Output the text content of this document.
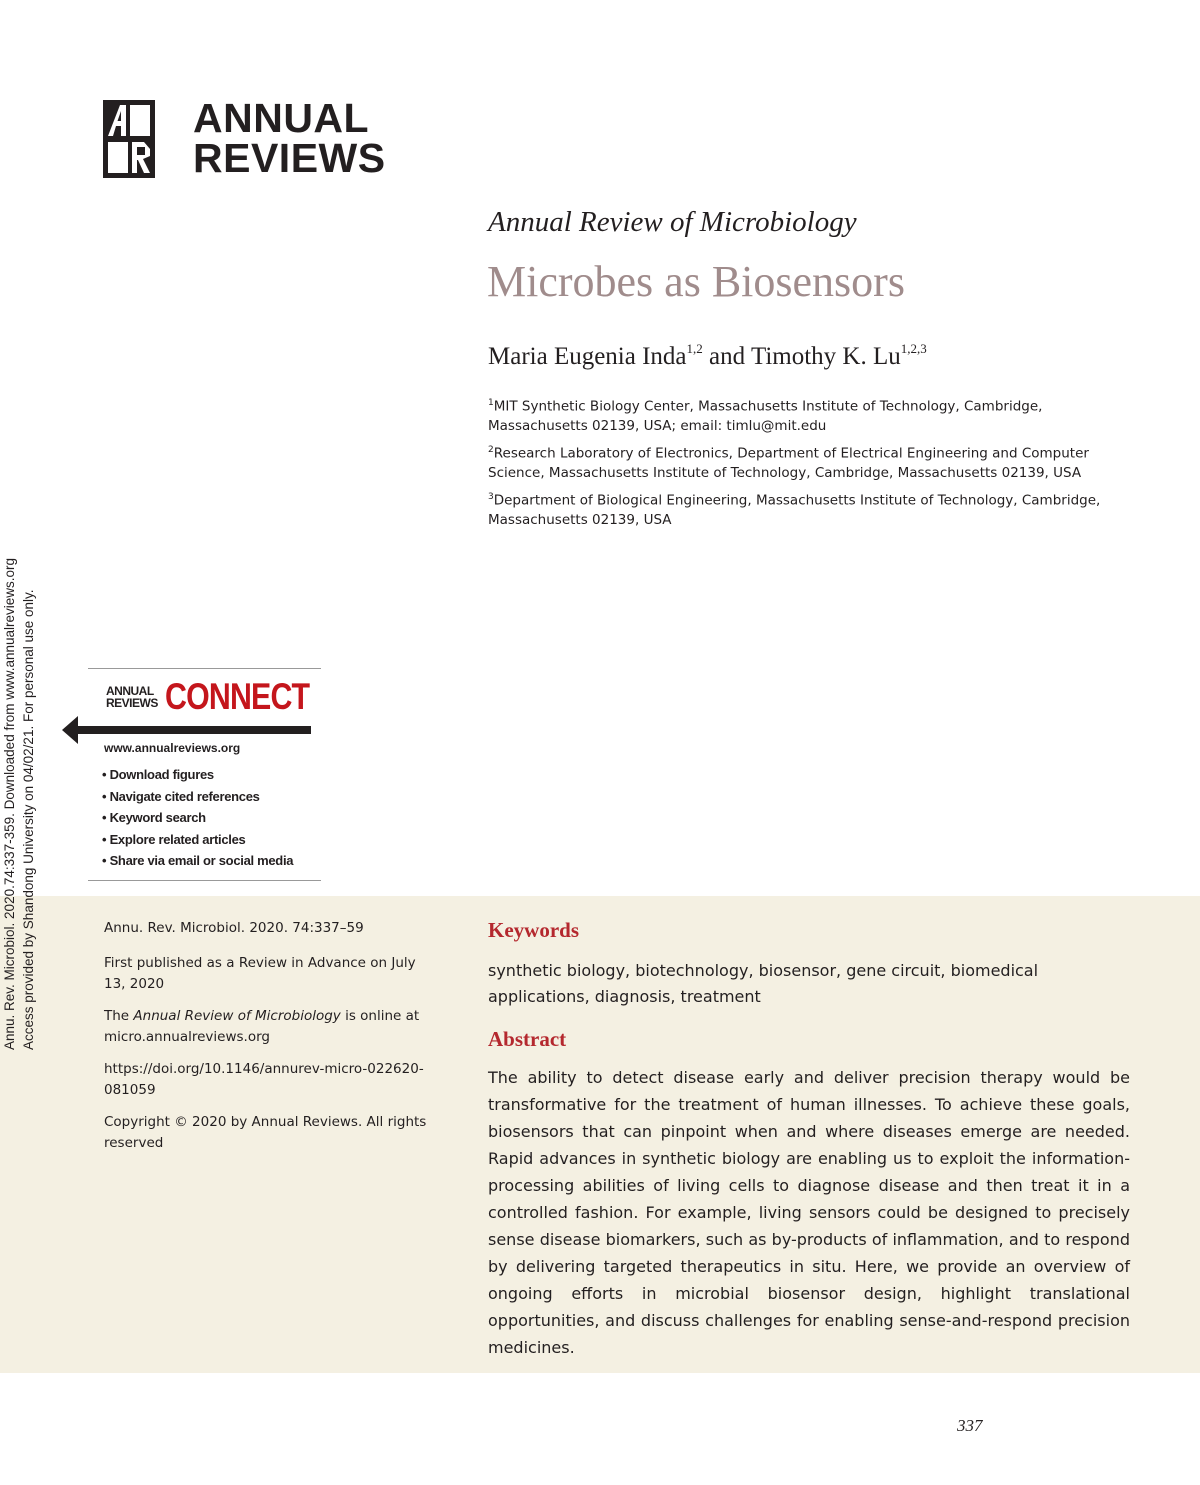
ANNUAL
REVIEWS
Annual Review of Microbiology
Microbes as Biosensors
Maria Eugenia Inda$^{1,2}$ and Timothy K. Lu$^{1,2,3}$
$^1$MIT Synthetic Biology Center, Massachusetts Institute of Technology, Cambridge, Massachusetts 02139, USA; email: timlu@mit.edu
$^2$Research Laboratory of Electronics, Department of Electrical Engineering and Computer Science, Massachusetts Institute of Technology, Cambridge, Massachusetts 02139, USA
$^3$Department of Biological Engineering, Massachusetts Institute of Technology, Cambridge, Massachusetts 02139, USA
Annu. Rev. Microbiol. 2020.74:337-359. Downloaded from www.annualreviews.org Access provided by Shandong University on 04/02/21. For personal use only.	ANNUAL
REVIEWS CONNECT
www.annualreviews.org
• Download figures
• Navigate cited references
• Keyword search
• Explore related articles
• Share via email or social media
Annu. Rev. Microbiol. 2020. 74:337–59
First published as a Review in Advance on July 13, 2020
The Annual Review of Microbiology is online at micro.annualreviews.org
https://doi.org/10.1146/annurev-micro-022620-081059
Copyright © 2020 by Annual Reviews. All rights reserved
Keywords
synthetic biology, biotechnology, biosensor, gene circuit, biomedical applications, diagnosis, treatment
Abstract
The ability to detect disease early and deliver precision therapy would be transformative for the treatment of human illnesses. To achieve these goals, biosensors that can pinpoint when and where diseases emerge are needed. Rapid advances in synthetic biology are enabling us to exploit the information-processing abilities of living cells to diagnose disease and then treat it in a controlled fashion. For example, living sensors could be designed to precisely sense disease biomarkers, such as by-products of inflammation, and to respond by delivering targeted therapeutics in situ. Here, we provide an overview of ongoing efforts in microbial biosensor design, highlight translational opportunities, and discuss challenges for enabling sense-and-respond precision medicines.
337
